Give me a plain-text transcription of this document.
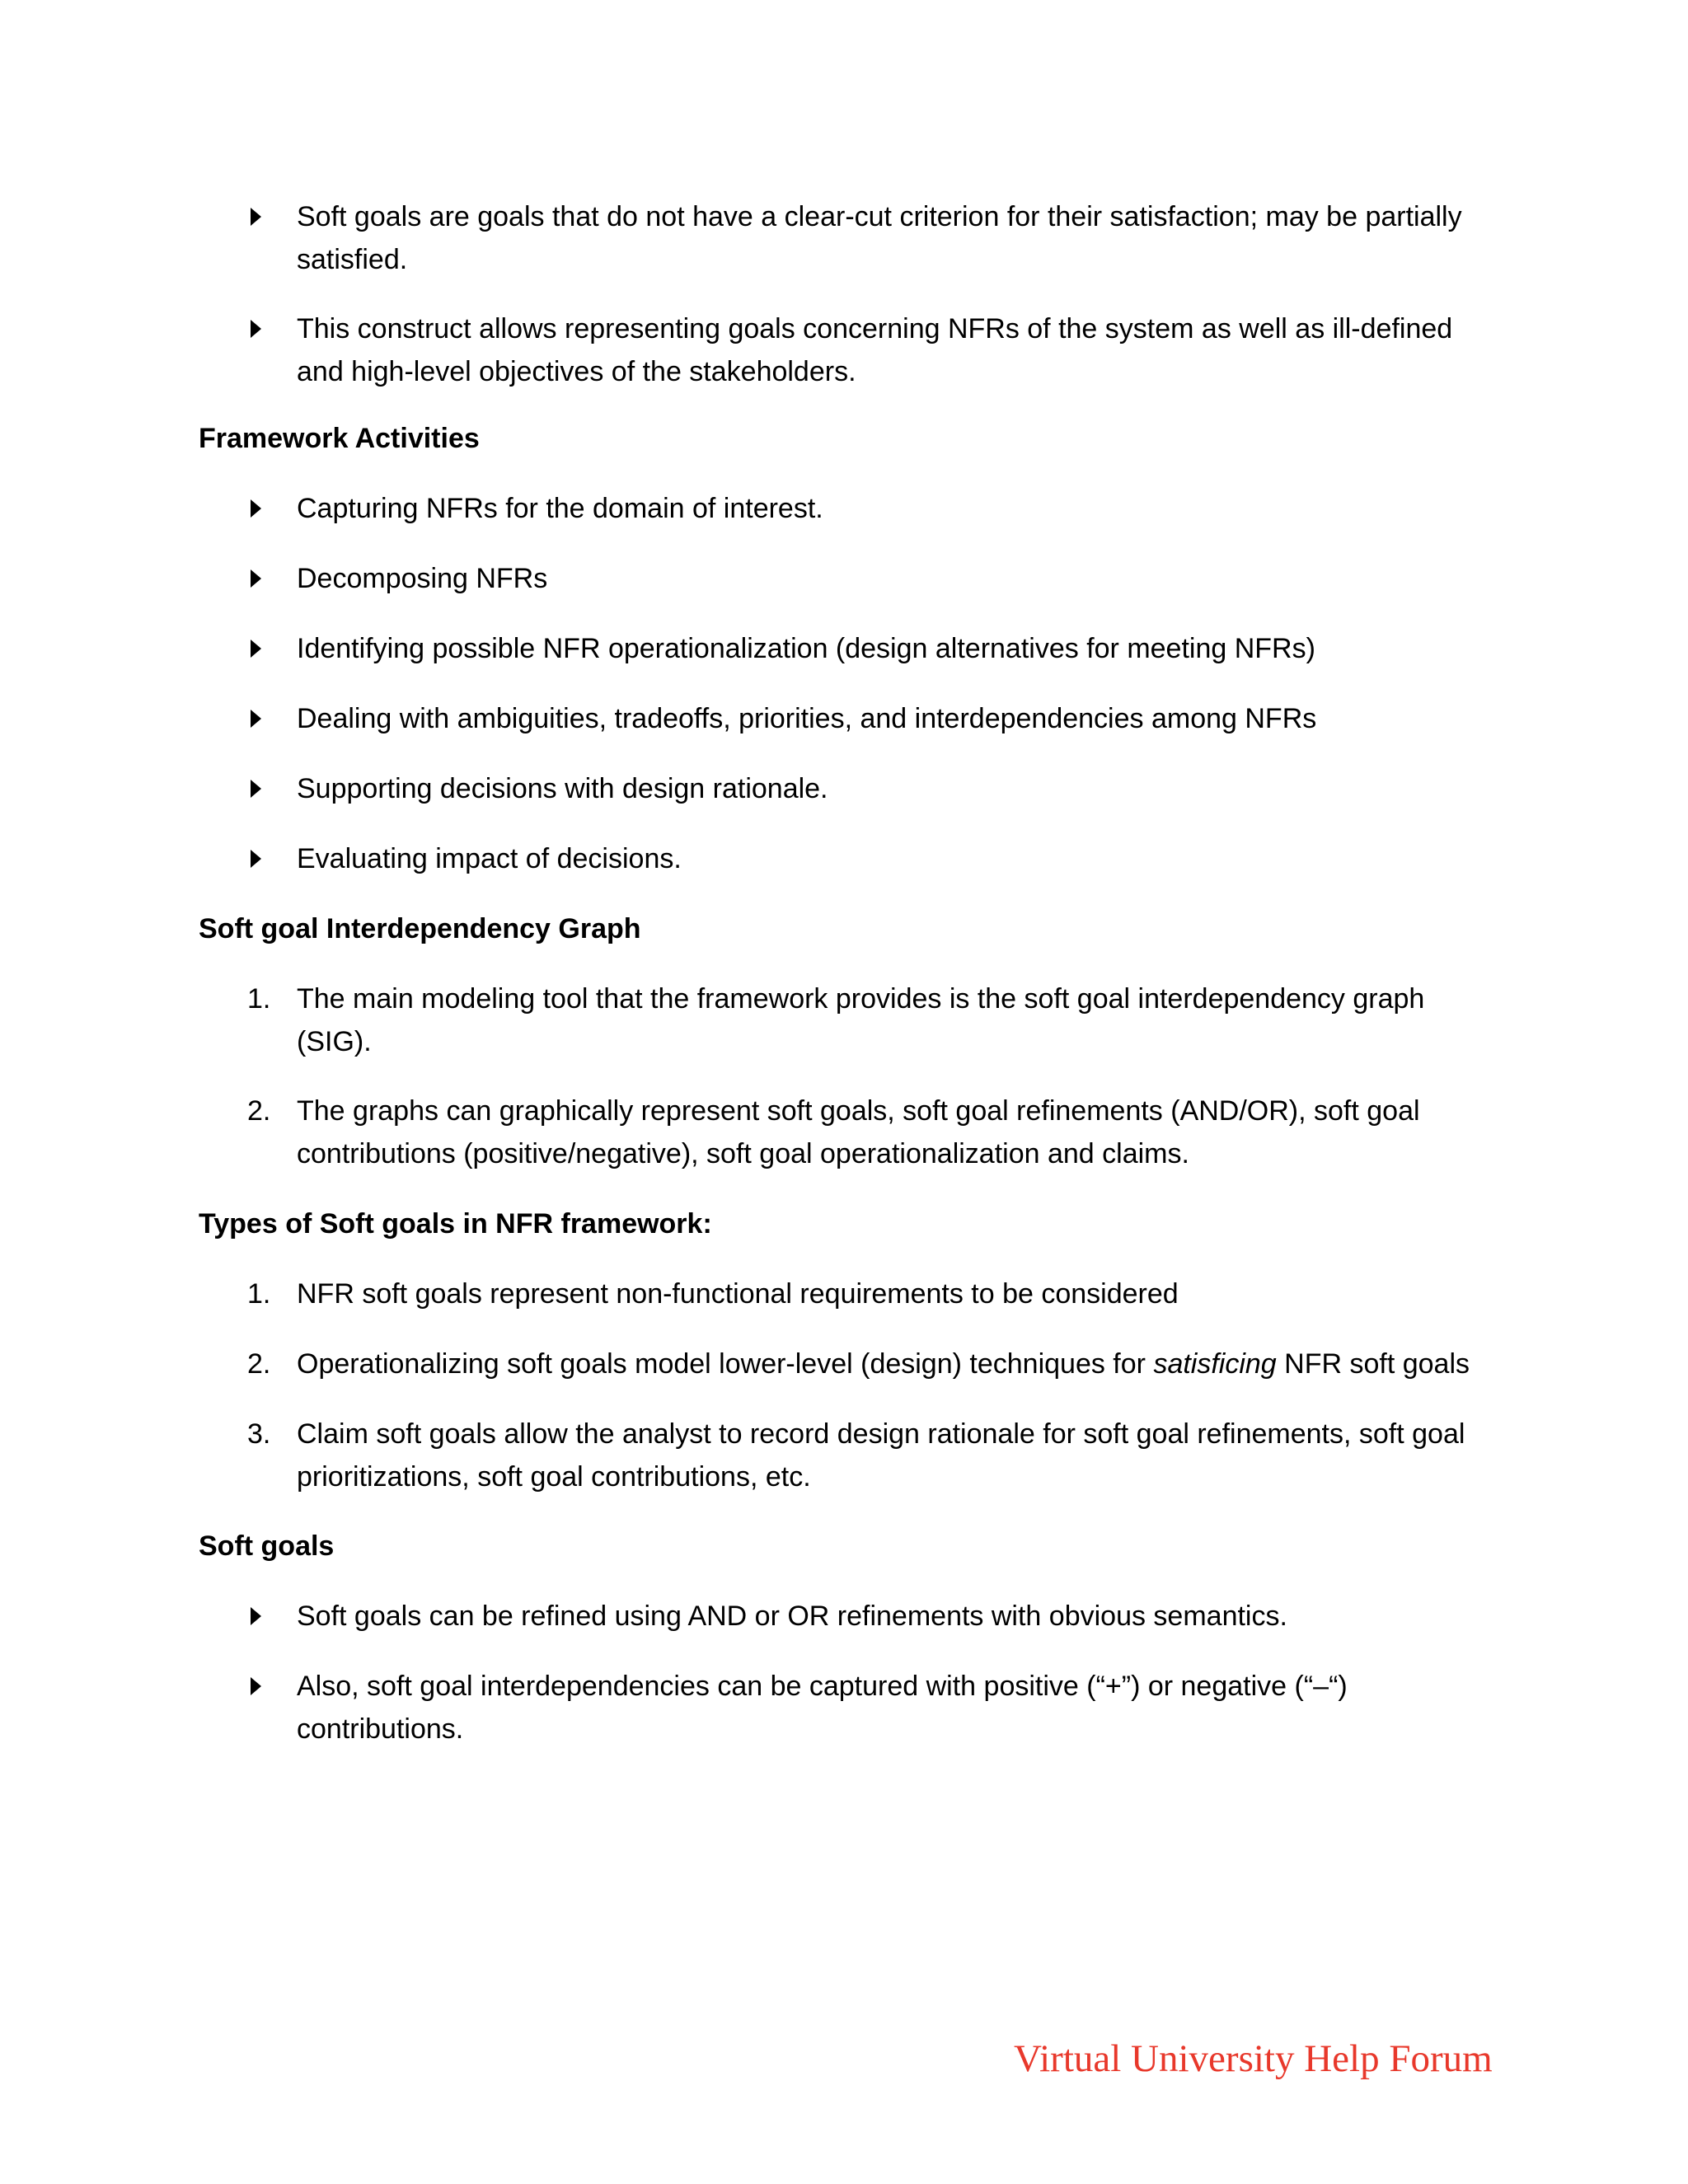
Soft goals are goals that do not have a clear-cut criterion for their satisfaction; may be partially satisfied.
This construct allows representing goals concerning NFRs of the system as well as ill-defined and high-level objectives of the stakeholders.
Framework Activities
Capturing NFRs for the domain of interest.
Decomposing NFRs
Identifying possible NFR operationalization (design alternatives for meeting NFRs)
Dealing with ambiguities, tradeoffs, priorities, and interdependencies among NFRs
Supporting decisions with design rationale.
Evaluating impact of decisions.
Soft goal Interdependency Graph
1. The main modeling tool that the framework provides is the soft goal interdependency graph (SIG).
2. The graphs can graphically represent soft goals, soft goal refinements (AND/OR), soft goal contributions (positive/negative), soft goal operationalization and claims.
Types of Soft goals in NFR framework:
1. NFR soft goals represent non-functional requirements to be considered
2. Operationalizing soft goals model lower-level (design) techniques for satisficing NFR soft goals
3. Claim soft goals allow the analyst to record design rationale for soft goal refinements, soft goal prioritizations, soft goal contributions, etc.
Soft goals
Soft goals can be refined using AND or OR refinements with obvious semantics.
Also, soft goal interdependencies can be captured with positive (“+”) or negative (“–“) contributions.
Virtual University Help Forum
